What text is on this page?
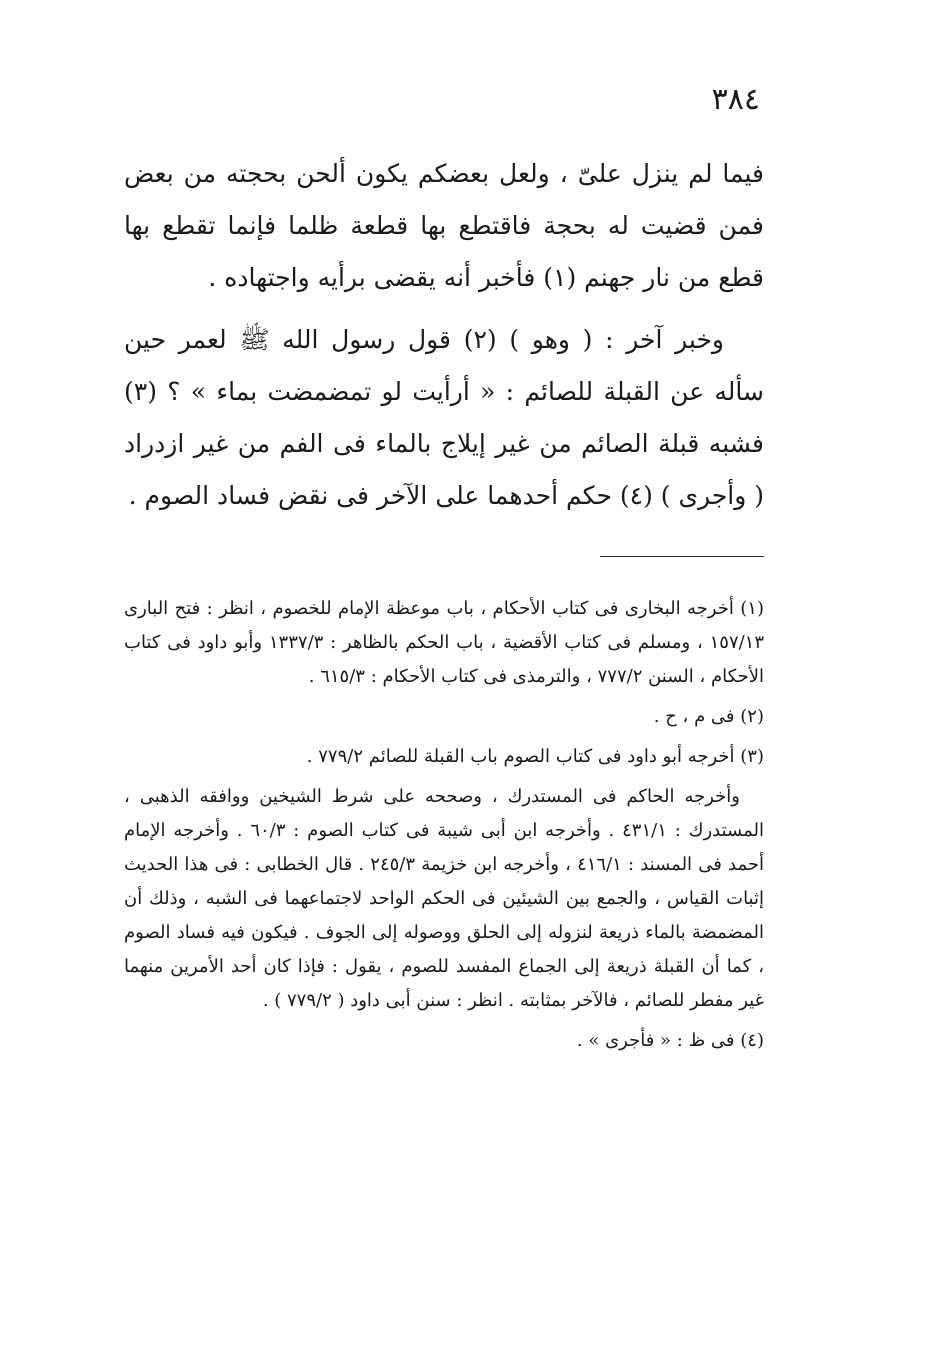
٣٨٤

فيما لم ينزل علىّ ، ولعل بعضكم يكون ألحن بحجته من بعض فمن قضيت له بحجة فاقتطع بها قطعة ظلما فإنما تقطع بها قطع من نار جهنم (١) فأخبر أنه يقضى برأيه واجتهاده .

وخبر آخر : ( وهو ) (٢) قول رسول الله ﷺ لعمر حين سأله عن القبلة للصائم : « أرأيت لو تمضمضت بماء » ؟ (٣) فشبه قبلة الصائم من غير إيلاج بالماء فى الفم من غير ازدراد ( وأجرى ) (٤) حكم أحدهما على الآخر فى نقض فساد الصوم .

(١) أخرجه البخارى فى كتاب الأحكام ، باب موعظة الإمام للخصوم ، انظر : فتح البارى ١٥٧/١٣ ، ومسلم فى كتاب الأقضية ، باب الحكم بالظاهر : ١٣٣٧/٣ وأبو داود فى كتاب الأحكام ، السنن ٧٧٧/٢ ، والترمذى فى كتاب الأحكام : ٦١٥/٣ .

(٢) فى م ، ح .

(٣) أخرجه أبو داود فى كتاب الصوم باب القبلة للصائم ٧٧٩/٢ .

وأخرجه الحاكم فى المستدرك ، وصححه على شرط الشيخين ووافقه الذهبى ، المستدرك : ٤٣١/١ . وأخرجه ابن أبى شيبة فى كتاب الصوم : ٦٠/٣ . وأخرجه الإمام أحمد فى المسند : ٤١٦/١ ، وأخرجه ابن خزيمة ٢٤٥/٣ . قال الخطابى : فى هذا الحديث إثبات القياس ، والجمع بين الشيئين فى الحكم الواحد لاجتماعهما فى الشبه ، وذلك أن المضمضة بالماء ذريعة لنزوله إلى الحلق ووصوله إلى الجوف . فيكون فيه فساد الصوم ، كما أن القبلة ذريعة إلى الجماع المفسد للصوم ، يقول : فإذا كان أحد الأمرين منهما غير مفطر للصائم ، فالآخر بمثابته . انظر : سنن أبى داود ( ٧٧٩/٢ ) .

(٤) فى ظ : « فأجرى » .
